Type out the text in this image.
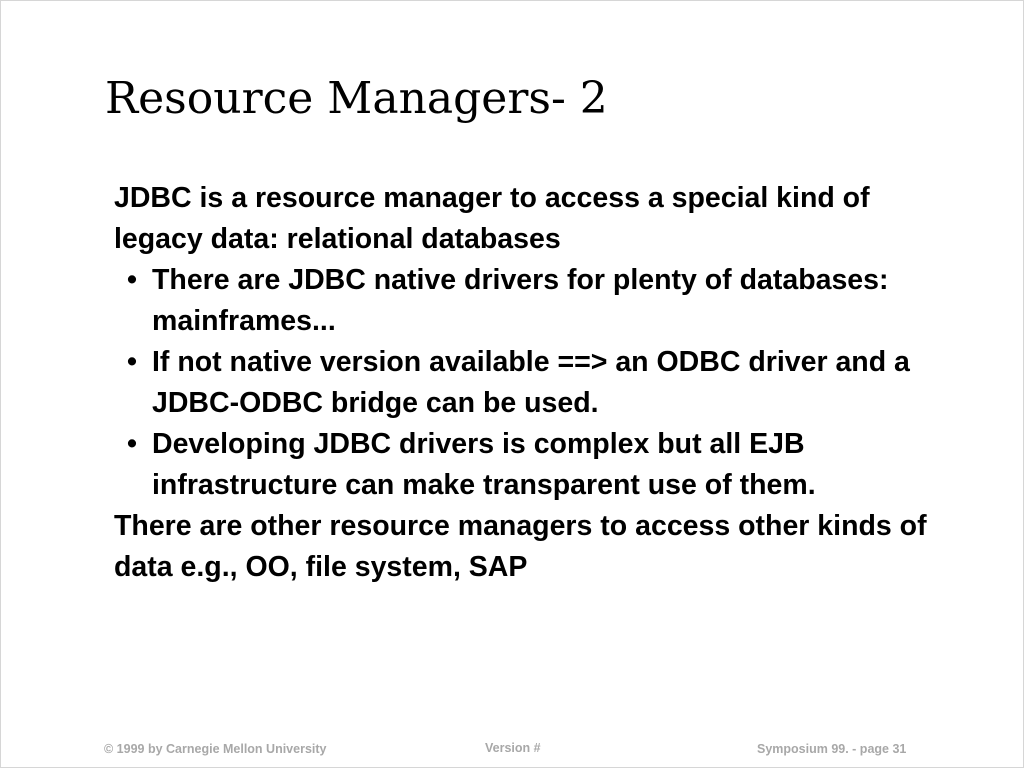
Resource Managers- 2

JDBC is a resource manager to access a special kind of legacy data: relational databases

• There are JDBC native drivers for plenty of databases: mainframes...
• If not native version available ==> an ODBC driver and a JDBC-ODBC bridge can be used.
• Developing JDBC drivers is complex but all EJB infrastructure can make transparent use of them.

There are other resource managers to access other kinds of data e.g., OO, file system, SAP

© 1999 by Carnegie Mellon University	Version #	Symposium 99. - page 31
